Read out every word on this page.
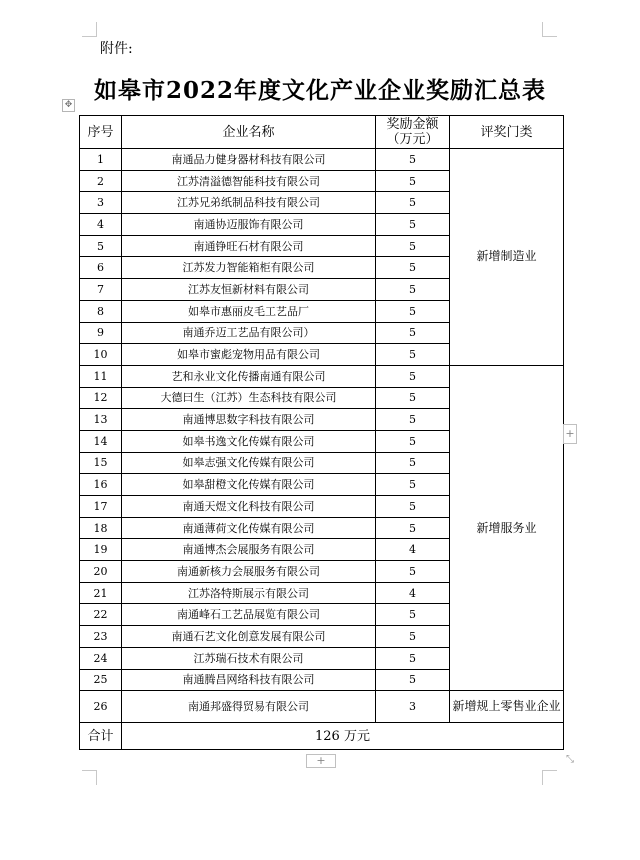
附件:
如皋市2022年度文化产业企业奖励汇总表
✥
序号	企业名称	奖励金额（万元）	评奖门类
1	南通品力健身器材科技有限公司	5	新增制造业
2	江苏清溢德智能科技有限公司	5	
3	江苏兄弟纸制品科技有限公司	5	
4	南通协迈服饰有限公司	5	
5	南通铮旺石材有限公司	5	
6	江苏发力智能箱柜有限公司	5	
7	江苏友恒新材料有限公司	5	
8	如皋市惠丽皮毛工艺品厂	5	
9	南通乔迈工艺品有限公司）	5	
10	如皋市蜜彪宠物用品有限公司	5	
11	艺和永业文化传播南通有限公司	5	新增服务业
12	大德曰生（江苏）生态科技有限公司	5	
13	南通博思数字科技有限公司	5	
14	如皋书逸文化传媒有限公司	5	
15	如皋志强文化传媒有限公司	5	
16	如皋甜橙文化传媒有限公司	5	
17	南通天煜文化科技有限公司	5	
18	南通薄荷文化传媒有限公司	5	
19	南通博杰会展服务有限公司	4	
20	南通新核力会展服务有限公司	5	
21	江苏洛特斯展示有限公司	4	
22	南通峰石工艺品展览有限公司	5	
23	南通石艺文化创意发展有限公司	5	
24	江苏瑞石技术有限公司	5	
25	南通腾昌网络科技有限公司	5	
26	南通邦盛得贸易有限公司	3	新增规上零售业企业
合计	126 万元		
+
+	⤡
